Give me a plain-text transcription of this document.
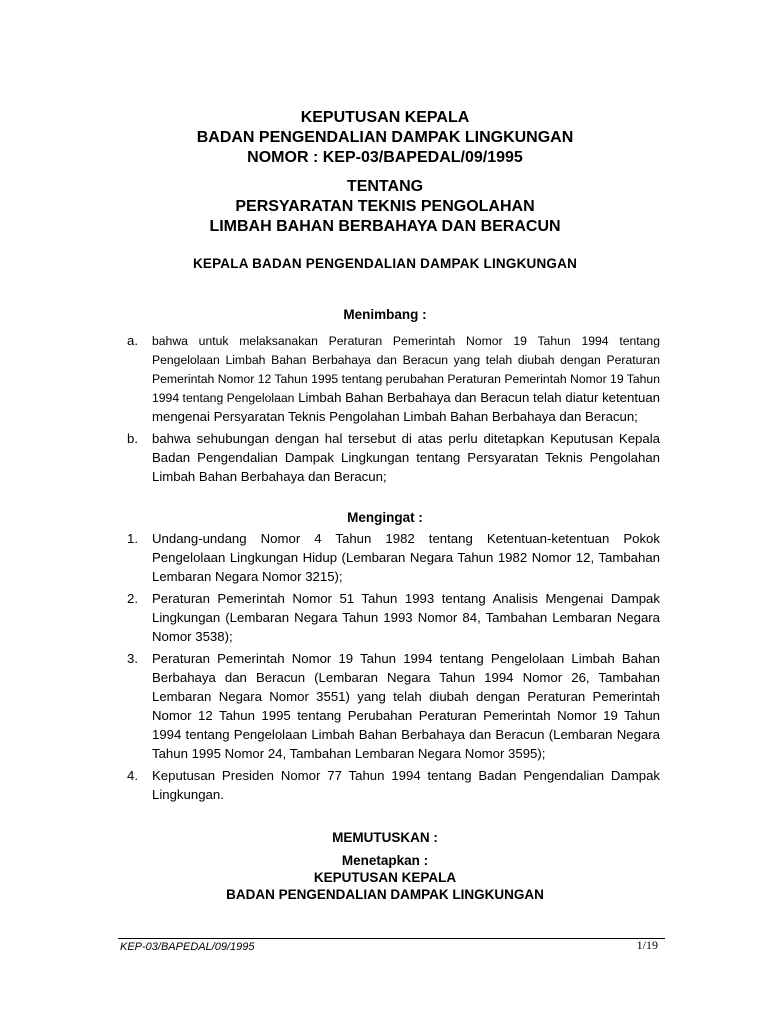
KEPUTUSAN KEPALA
BADAN PENGENDALIAN DAMPAK LINGKUNGAN
NOMOR : KEP-03/BAPEDAL/09/1995
TENTANG
PERSYARATAN TEKNIS PENGOLAHAN
LIMBAH BAHAN BERBAHAYA DAN BERACUN
KEPALA BADAN PENGENDALIAN DAMPAK LINGKUNGAN
Menimbang :
a.	bahwa untuk melaksanakan Peraturan Pemerintah Nomor 19 Tahun 1994 tentang Pengelolaan Limbah Bahan Berbahaya dan Beracun yang telah diubah dengan Peraturan Pemerintah Nomor 12 Tahun 1995 tentang perubahan Peraturan Pemerintah Nomor 19 Tahun 1994 tentang Pengelolaan Limbah Bahan Berbahaya dan Beracun telah diatur ketentuan mengenai Persyaratan Teknis Pengolahan Limbah Bahan Berbahaya dan Beracun;
b.	bahwa sehubungan dengan hal tersebut di atas perlu ditetapkan Keputusan Kepala Badan Pengendalian Dampak Lingkungan tentang Persyaratan Teknis Pengolahan Limbah Bahan Berbahaya dan Beracun;
Mengingat :
1.	Undang-undang Nomor 4 Tahun 1982 tentang Ketentuan-ketentuan Pokok Pengelolaan Lingkungan Hidup (Lembaran Negara Tahun 1982 Nomor 12, Tambahan Lembaran Negara Nomor 3215);
2.	Peraturan Pemerintah Nomor 51 Tahun 1993 tentang Analisis Mengenai Dampak Lingkungan (Lembaran Negara Tahun 1993 Nomor 84, Tambahan Lembaran Negara Nomor 3538);
3.	Peraturan Pemerintah Nomor 19 Tahun 1994 tentang Pengelolaan Limbah Bahan Berbahaya dan Beracun (Lembaran Negara Tahun 1994 Nomor 26, Tambahan Lembaran Negara Nomor 3551) yang telah diubah dengan Peraturan Pemerintah Nomor 12 Tahun 1995 tentang Perubahan Peraturan Pemerintah Nomor 19 Tahun 1994 tentang Pengelolaan Limbah Bahan Berbahaya dan Beracun (Lembaran Negara Tahun 1995 Nomor 24, Tambahan Lembaran Negara Nomor 3595);
4.	Keputusan Presiden Nomor 77 Tahun 1994 tentang Badan Pengendalian Dampak Lingkungan.
MEMUTUSKAN :
Menetapkan :
KEPUTUSAN KEPALA
BADAN PENGENDALIAN DAMPAK LINGKUNGAN
KEP-03/BAPEDAL/09/1995	1/19
